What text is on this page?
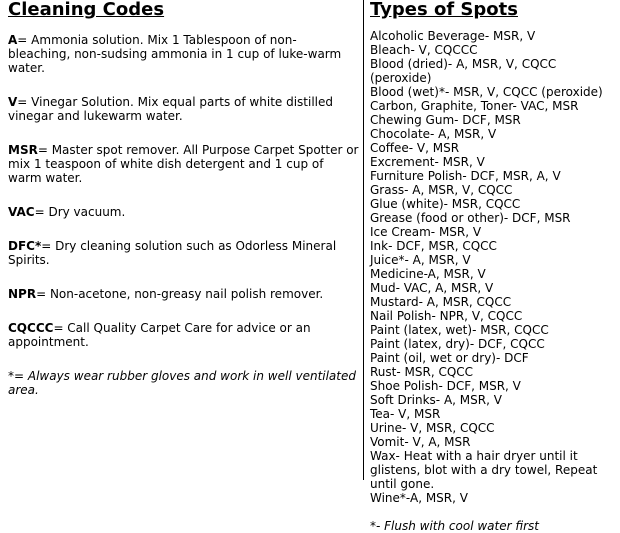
Cleaning Codes

A= Ammonia solution. Mix 1 Tablespoon of non- bleaching, non-sudsing ammonia in 1 cup of luke-warm water.

V= Vinegar Solution. Mix equal parts of white distilled vinegar and lukewarm water.

MSR= Master spot remover. All Purpose Carpet Spotter or mix 1 teaspoon of white dish detergent and 1 cup of warm water.

VAC= Dry vacuum.

DFC*= Dry cleaning solution such as Odorless Mineral Spirits.

NPR= Non-acetone, non-greasy nail polish remover.

CQCCC= Call Quality Carpet Care for advice or an appointment.

*= Always wear rubber gloves and work in well ventilated area.

Types of Spots
Alcoholic Beverage- MSR, V
Bleach- V, CQCCC
Blood (dried)- A, MSR, V, CQCC (peroxide)
Blood (wet)*- MSR, V, CQCC (peroxide)
Carbon, Graphite, Toner- VAC, MSR
Chewing Gum- DCF, MSR
Chocolate- A, MSR, V
Coffee- V, MSR
Excrement- MSR, V
Furniture Polish- DCF, MSR, A, V
Grass- A, MSR, V, CQCC
Glue (white)- MSR, CQCC
Grease (food or other)- DCF, MSR
Ice Cream- MSR, V
Ink- DCF, MSR, CQCC
Juice*- A, MSR, V
Medicine-A, MSR, V
Mud- VAC, A, MSR, V
Mustard- A, MSR, CQCC
Nail Polish- NPR, V, CQCC
Paint (latex, wet)- MSR, CQCC
Paint (latex, dry)- DCF, CQCC
Paint (oil, wet or dry)- DCF
Rust- MSR, CQCC
Shoe Polish- DCF, MSR, V
Soft Drinks- A, MSR, V
Tea- V, MSR
Urine- V, MSR, CQCC
Vomit- V, A, MSR
Wax- Heat with a hair dryer until it glistens, blot with a dry towel, Repeat until gone.
Wine*-A, MSR, V
*- Flush with cool water first
